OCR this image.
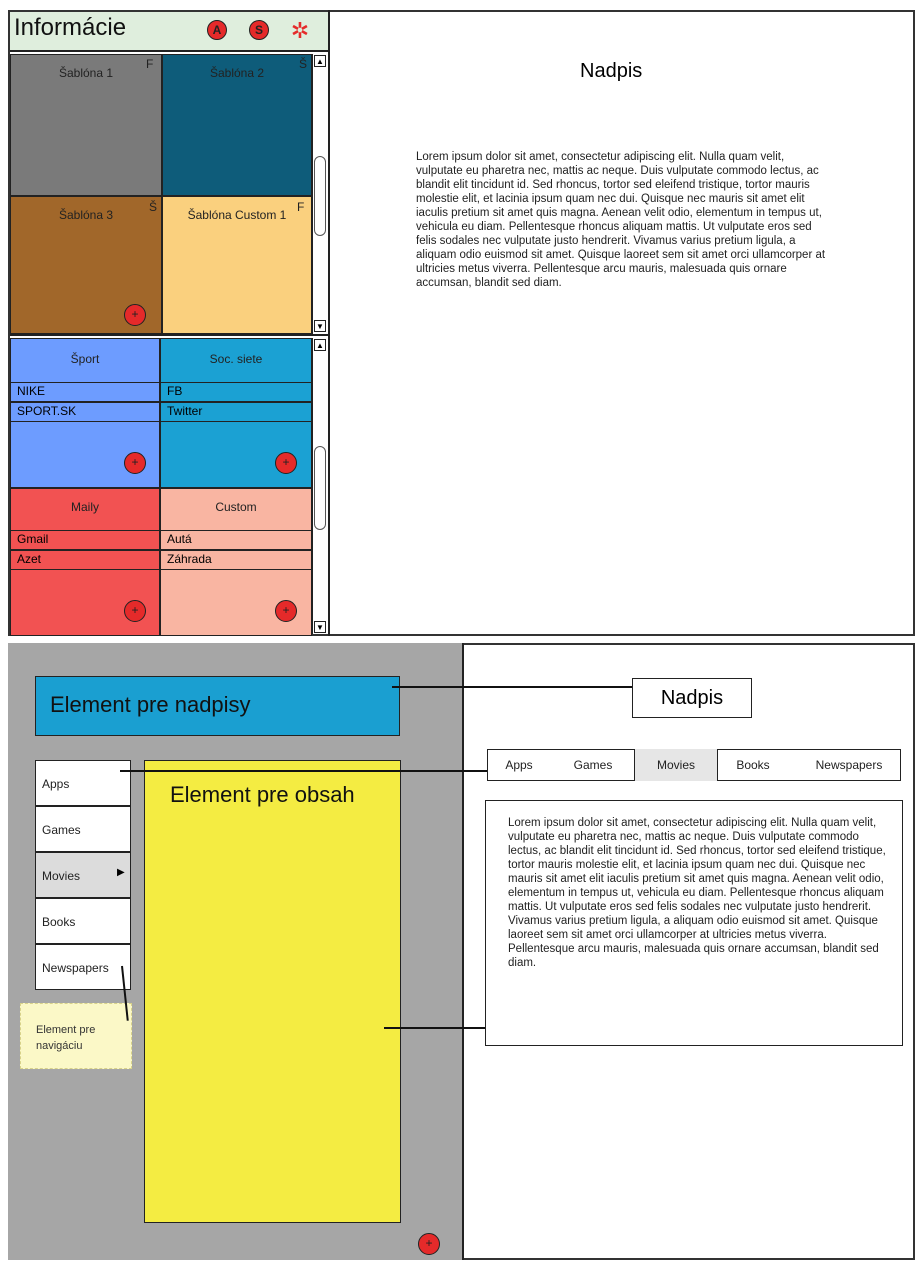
Informácie	A	S ✲
Šablóna 1
F
Šablóna 2
Š
Šablóna 3
Š
Šablóna Custom 1
F
+
▲
▼
Šport
NIKE
SPORT.SK
+
Soc. siete
FB
Twitter
+
Maily
Gmail
Azet
+
Custom
Autá
Záhrada
+
▲
▼
Nadpis
Lorem ipsum dolor sit amet, consectetur adipiscing elit. Nulla quam velit, vulputate eu pharetra nec, mattis ac neque. Duis vulputate commodo lectus, ac blandit elit tincidunt id. Sed rhoncus, tortor sed eleifend tristique, tortor mauris molestie elit, et lacinia ipsum quam nec dui. Quisque nec mauris sit amet elit iaculis pretium sit amet quis magna. Aenean velit odio, elementum in tempus ut, vehicula eu diam. Pellentesque rhoncus aliquam mattis. Ut vulputate eros sed felis sodales nec vulputate justo hendrerit. Vivamus varius pretium ligula, a aliquam odio euismod sit amet. Quisque laoreet sem sit amet orci ullamcorper at ultricies metus viverra. Pellentesque arcu mauris, malesuada quis ornare accumsan, blandit sed diam.
Element pre nadpisy
Element pre obsah
Apps
Games
Movies	▶
Books
Newspapers
Element pre navigáciu
+
Nadpis
Apps	Games	Movies	Books	Newspapers
Lorem ipsum dolor sit amet, consectetur adipiscing elit. Nulla quam velit, vulputate eu pharetra nec, mattis ac neque. Duis vulputate commodo lectus, ac blandit elit tincidunt id. Sed rhoncus, tortor sed eleifend tristique, tortor mauris molestie elit, et lacinia ipsum quam nec dui. Quisque nec mauris sit amet elit iaculis pretium sit amet quis magna. Aenean velit odio, elementum in tempus ut, vehicula eu diam. Pellentesque rhoncus aliquam mattis. Ut vulputate eros sed felis sodales nec vulputate justo hendrerit. Vivamus varius pretium ligula, a aliquam odio euismod sit amet. Quisque laoreet sem sit amet orci ullamcorper at ultricies metus viverra. Pellentesque arcu mauris, malesuada quis ornare accumsan, blandit sed diam.
